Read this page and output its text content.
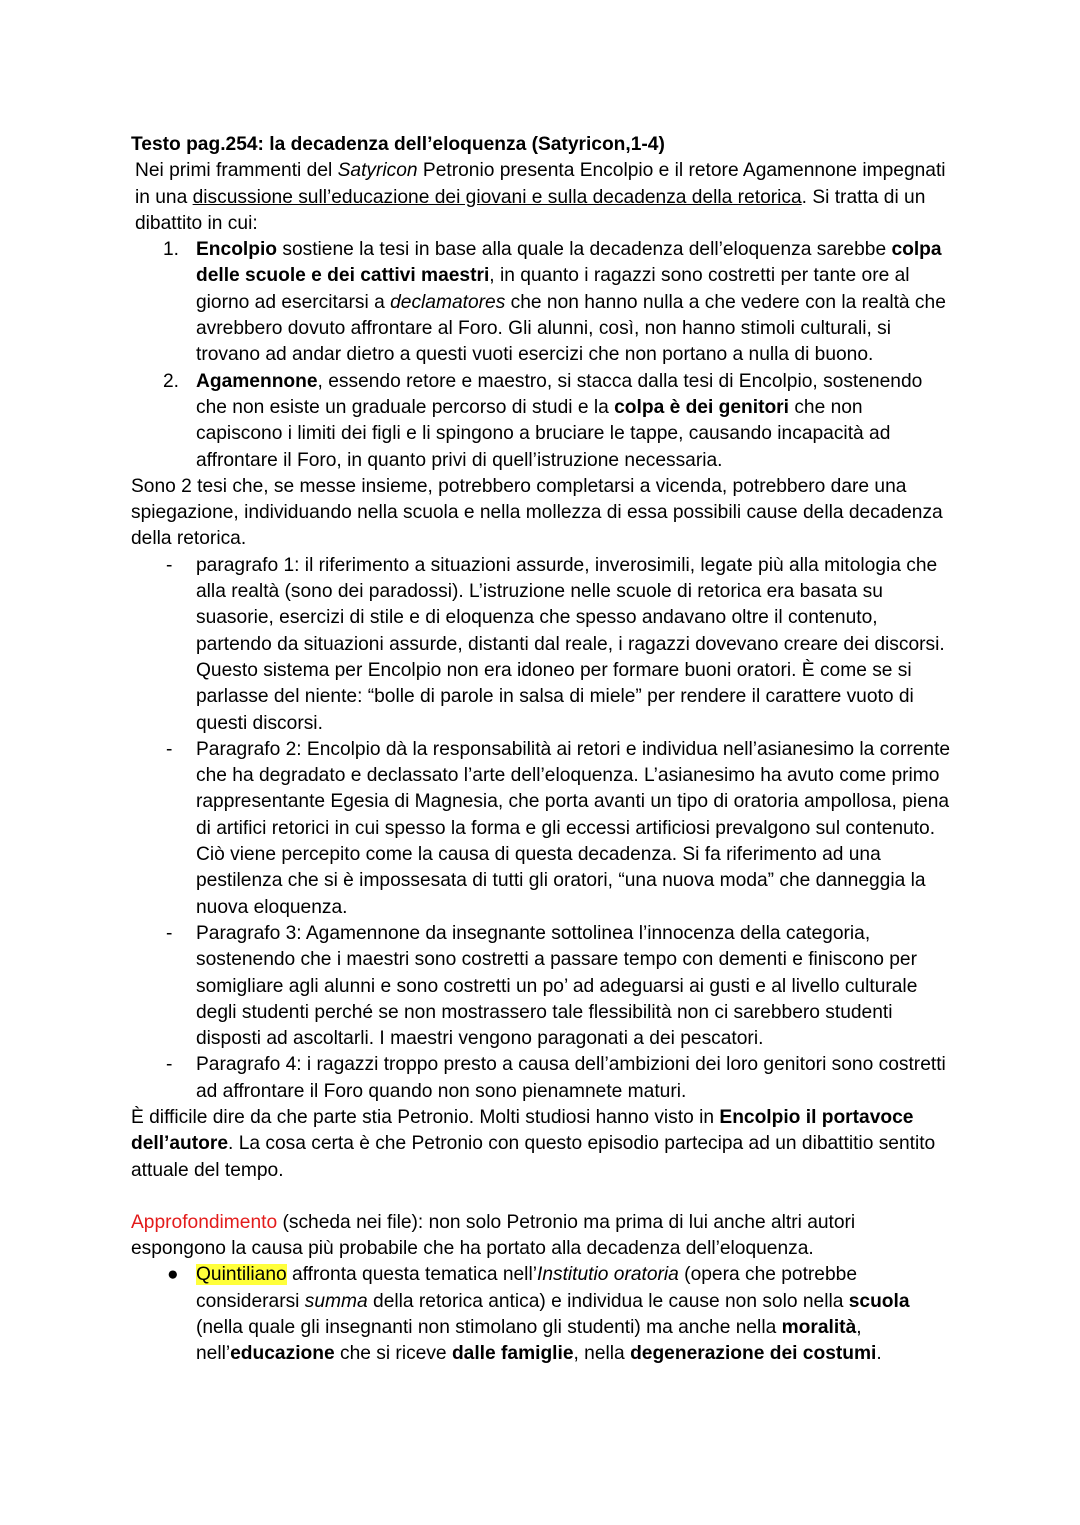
Testo pag.254: la decadenza dell’eloquenza (Satyricon,1-4)

Nei primi frammenti del Satyricon Petronio presenta Encolpio e il retore Agamennone impegnati in una discussione sull’educazione dei giovani e sulla decadenza della retorica. Si tratta di un dibattito in cui:

1. Encolpio sostiene la tesi in base alla quale la decadenza dell’eloquenza sarebbe colpa delle scuole e dei cattivi maestri, in quanto i ragazzi sono costretti per tante ore al giorno ad esercitarsi a declamatores che non hanno nulla a che vedere con la realtà che avrebbero dovuto affrontare al Foro. Gli alunni, così, non hanno stimoli culturali, si trovano ad andar dietro a questi vuoti esercizi che non portano a nulla di buono.
2. Agamennone, essendo retore e maestro, si stacca dalla tesi di Encolpio, sostenendo che non esiste un graduale percorso di studi e la colpa è dei genitori che non capiscono i limiti dei figli e li spingono a bruciare le tappe, causando incapacità ad affrontare il Foro, in quanto privi di quell’istruzione necessaria.

Sono 2 tesi che, se messe insieme, potrebbero completarsi a vicenda, potrebbero dare una spiegazione, individuando nella scuola e nella mollezza di essa possibili cause della decadenza della retorica.

- paragrafo 1: il riferimento a situazioni assurde, inverosimili, legate più alla mitologia che alla realtà (sono dei paradossi). L’istruzione nelle scuole di retorica era basata su suasorie, esercizi di stile e di eloquenza che spesso andavano oltre il contenuto, partendo da situazioni assurde, distanti dal reale, i ragazzi dovevano creare dei discorsi. Questo sistema per Encolpio non era idoneo per formare buoni oratori. È come se si parlasse del niente: “bolle di parole in salsa di miele” per rendere il carattere vuoto di questi discorsi.
- Paragrafo 2: Encolpio dà la responsabilità ai retori e individua nell’asianesimo la corrente che ha degradato e declassato l’arte dell’eloquenza. L’asianesimo ha avuto come primo rappresentante Egesia di Magnesia, che porta avanti un tipo di oratoria ampollosa, piena di artifici retorici in cui spesso la forma e gli eccessi artificiosi prevalgono sul contenuto. Ciò viene percepito come la causa di questa decadenza. Si fa riferimento ad una pestilenza che si è impossesata di tutti gli oratori, “una nuova moda” che danneggia la nuova eloquenza.
- Paragrafo 3: Agamennone da insegnante sottolinea l’innocenza della categoria, sostenendo che i maestri sono costretti a passare tempo con dementi e finiscono per somigliare agli alunni e sono costretti un po’ ad adeguarsi ai gusti e al livello culturale degli studenti perché se non mostrassero tale flessibilità non ci sarebbero studenti disposti ad ascoltarli. I maestri vengono paragonati a dei pescatori.
- Paragrafo 4: i ragazzi troppo presto a causa dell’ambizioni dei loro genitori sono costretti ad affrontare il Foro quando non sono pienamnete maturi.

È difficile dire da che parte stia Petronio. Molti studiosi hanno visto in Encolpio il portavoce dell’autore. La cosa certa è che Petronio con questo episodio partecipa ad un dibattitio sentito attuale del tempo.

Approfondimento (scheda nei file): non solo Petronio ma prima di lui anche altri autori espongono la causa più probabile che ha portato alla decadenza dell’eloquenza.

● Quintiliano affronta questa tematica nell’Institutio oratoria (opera che potrebbe considerarsi summa della retorica antica) e individua le cause non solo nella scuola (nella quale gli insegnanti non stimolano gli studenti) ma anche nella moralità, nell’educazione che si riceve dalle famiglie, nella degenerazione dei costumi.
